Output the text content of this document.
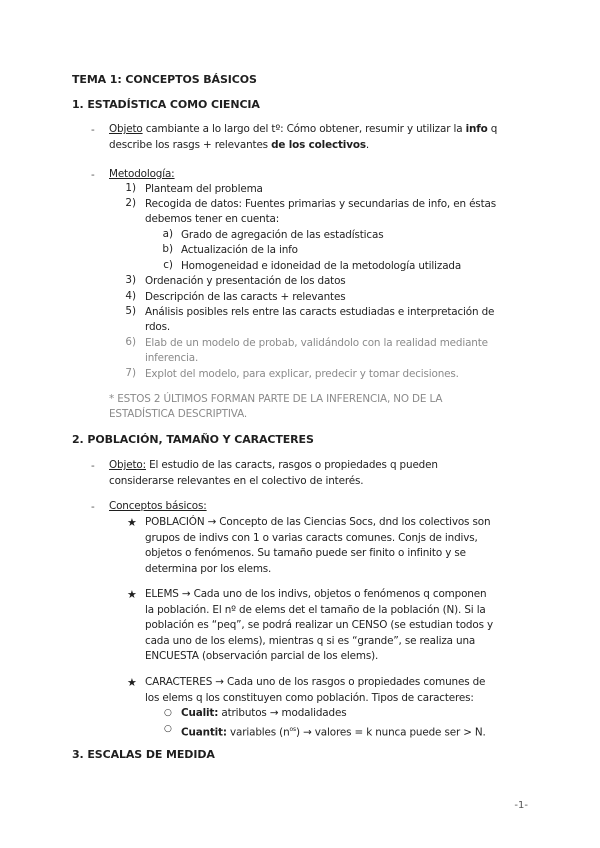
TEMA 1: CONCEPTOS BÁSICOS
1. ESTADÍSTICA COMO CIENCIA
- Objeto cambiante a lo largo del tº: Cómo obtener, resumir y utilizar la info q
describe los rasgs + relevantes de los colectivos.
- Metodología:
1) Planteam del problema
2) Recogida de datos: Fuentes primarias y secundarias de info, en éstas
debemos tener en cuenta:
a) Grado de agregación de las estadísticas
b) Actualización de la info
c) Homogeneidad e idoneidad de la metodología utilizada
3) Ordenación y presentación de los datos
4) Descripción de las caracts + relevantes
5) Análisis posibles rels entre las caracts estudiadas e interpretación de
rdos.
6) Elab de un modelo de probab, validándolo con la realidad mediante
inferencia.
7) Explot del modelo, para explicar, predecir y tomar decisiones.
* ESTOS 2 ÚLTIMOS FORMAN PARTE DE LA INFERENCIA, NO DE LA
ESTADÍSTICA DESCRIPTIVA.
2. POBLACIÓN, TAMAÑO Y CARACTERES
- Objeto: El estudio de las caracts, rasgos o propiedades q pueden
considerarse relevantes en el colectivo de interés.
- Conceptos básicos:
★ POBLACIÓN → Concepto de las Ciencias Socs, dnd los colectivos son
grupos de indivs con 1 o varias caracts comunes. Conjs de indivs,
objetos o fenómenos. Su tamaño puede ser finito o infinito y se
determina por los elems.
★ ELEMS → Cada uno de los indivs, objetos o fenómenos q componen
la población. El nº de elems det el tamaño de la población (N). Si la
población es “peq”, se podrá realizar un CENSO (se estudian todos y
cada uno de los elems), mientras q si es “grande”, se realiza una
ENCUESTA (observación parcial de los elems).
★ CARACTERES → Cada uno de los rasgos o propiedades comunes de
los elems q los constituyen como población. Tipos de caracteres:
○ Cualit: atributos → modalidades
○ Cuantit: variables $(n^{os})$ → valores = k nunca puede ser > N.
3. ESCALAS DE MEDIDA
-1-
